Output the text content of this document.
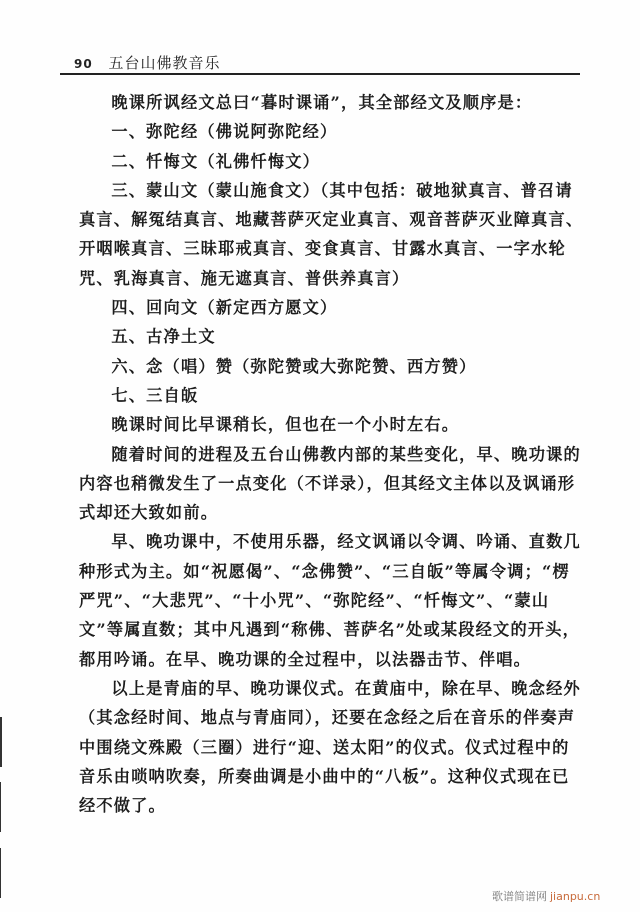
90 五台山佛教音乐

晚课所讽经文总曰“暮时课诵”，其全部经文及顺序是：

一、弥陀经（佛说阿弥陀经）

二、忏悔文（礼佛忏悔文）

三、蒙山文（蒙山施食文）（其中包括：破地狱真言、普召请真言、解冤结真言、地藏菩萨灭定业真言、观音菩萨灭业障真言、开咽喉真言、三昧耶戒真言、变食真言、甘露水真言、一字水轮咒、乳海真言、施无遮真言、普供养真言）

四、回向文（新定西方愿文）

五、古净土文

六、念（唱）赞（弥陀赞或大弥陀赞、西方赞）

七、三自皈

晚课时间比早课稍长，但也在一个小时左右。

随着时间的进程及五台山佛教内部的某些变化，早、晚功课的内容也稍微发生了一点变化（不详录），但其经文主体以及讽诵形式却还大致如前。

早、晚功课中，不使用乐器，经文讽诵以令调、吟诵、直数几种形式为主。如“祝愿偈”、“念佛赞”、“三自皈”等属令调；“楞严咒”、“大悲咒”、“十小咒”、“弥陀经”、“忏悔文”、“蒙山文”等属直数；其中凡遇到“称佛、菩萨名”处或某段经文的开头，都用吟诵。在早、晚功课的全过程中，以法器击节、伴唱。

以上是青庙的早、晚功课仪式。在黄庙中，除在早、晚念经外（其念经时间、地点与青庙同），还要在念经之后在音乐的伴奏声中围绕文殊殿（三圈）进行“迎、送太阳”的仪式。仪式过程中的音乐由唢呐吹奏，所奏曲调是小曲中的“八板”。这种仪式现在已经不做了。

歌谱简谱网 jianpu.cn
